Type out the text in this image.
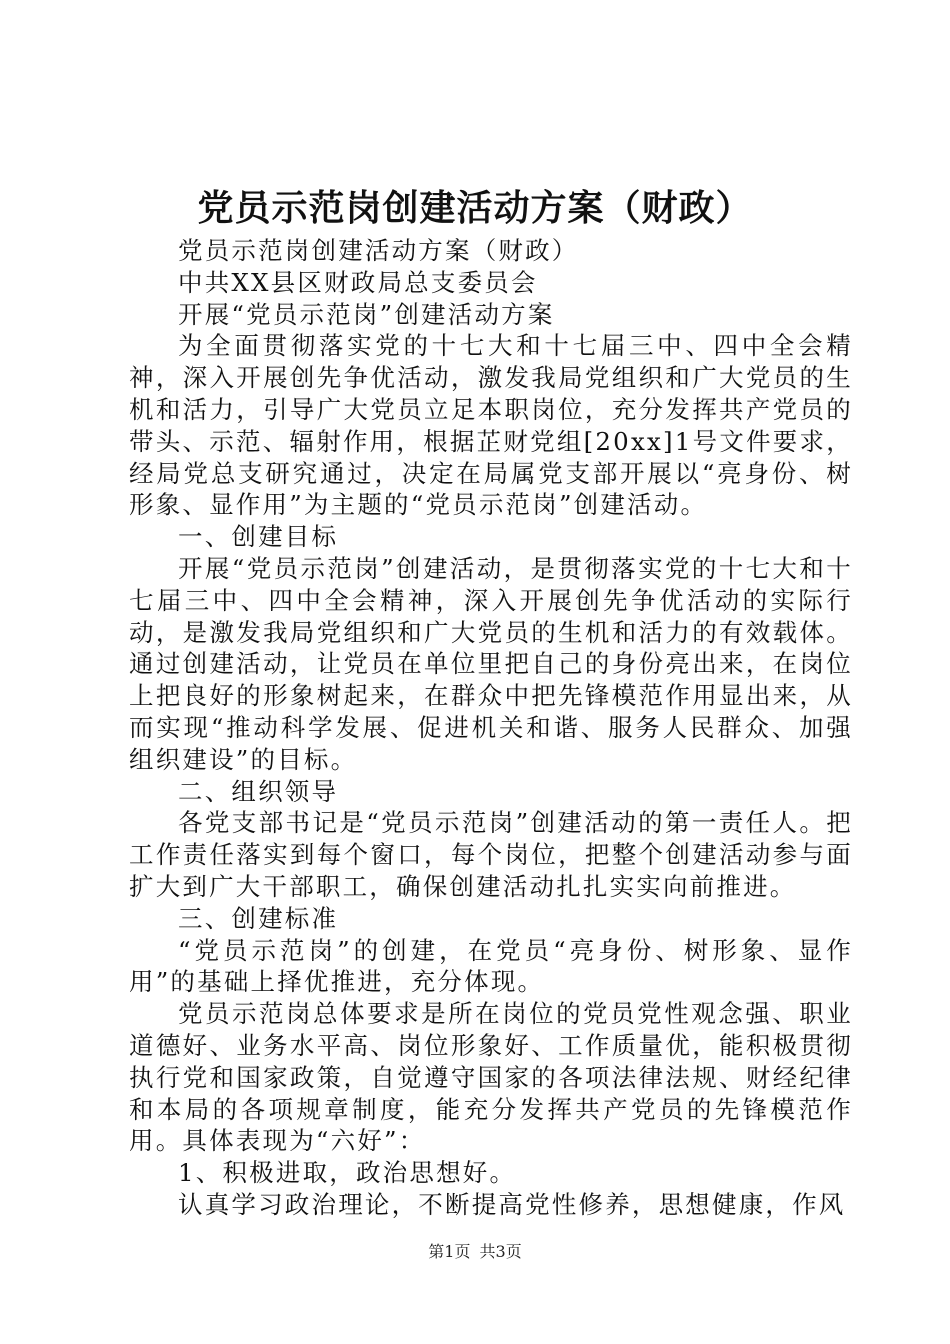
党员示范岗创建活动方案（财政）

党员示范岗创建活动方案（财政）

中共XX县区财政局总支委员会

开展“党员示范岗”创建活动方案

为全面贯彻落实党的十七大和十七届三中、四中全会精神，深入开展创先争优活动，激发我局党组织和广大党员的生机和活力，引导广大党员立足本职岗位，充分发挥共产党员的带头、示范、辐射作用，根据芷财党组[20xx]1号文件要求，经局党总支研究通过，决定在局属党支部开展以“亮身份、树形象、显作用”为主题的“党员示范岗”创建活动。

一、创建目标

开展“党员示范岗”创建活动，是贯彻落实党的十七大和十七届三中、四中全会精神，深入开展创先争优活动的实际行动，是激发我局党组织和广大党员的生机和活力的有效载体。通过创建活动，让党员在单位里把自己的身份亮出来，在岗位上把良好的形象树起来，在群众中把先锋模范作用显出来，从而实现“推动科学发展、促进机关和谐、服务人民群众、加强组织建设”的目标。

二、组织领导

各党支部书记是“党员示范岗”创建活动的第一责任人。把工作责任落实到每个窗口，每个岗位，把整个创建活动参与面扩大到广大干部职工，确保创建活动扎扎实实向前推进。

三、创建标准

“党员示范岗”的创建，在党员“亮身份、树形象、显作用”的基础上择优推进，充分体现。

党员示范岗总体要求是所在岗位的党员党性观念强、职业道德好、业务水平高、岗位形象好、工作质量优，能积极贯彻执行党和国家政策，自觉遵守国家的各项法律法规、财经纪律和本局的各项规章制度，能充分发挥共产党员的先锋模范作用。具体表现为“六好”：

1、积极进取，政治思想好。

认真学习政治理论，不断提高党性修养，思想健康，作风

第1页 共3页
